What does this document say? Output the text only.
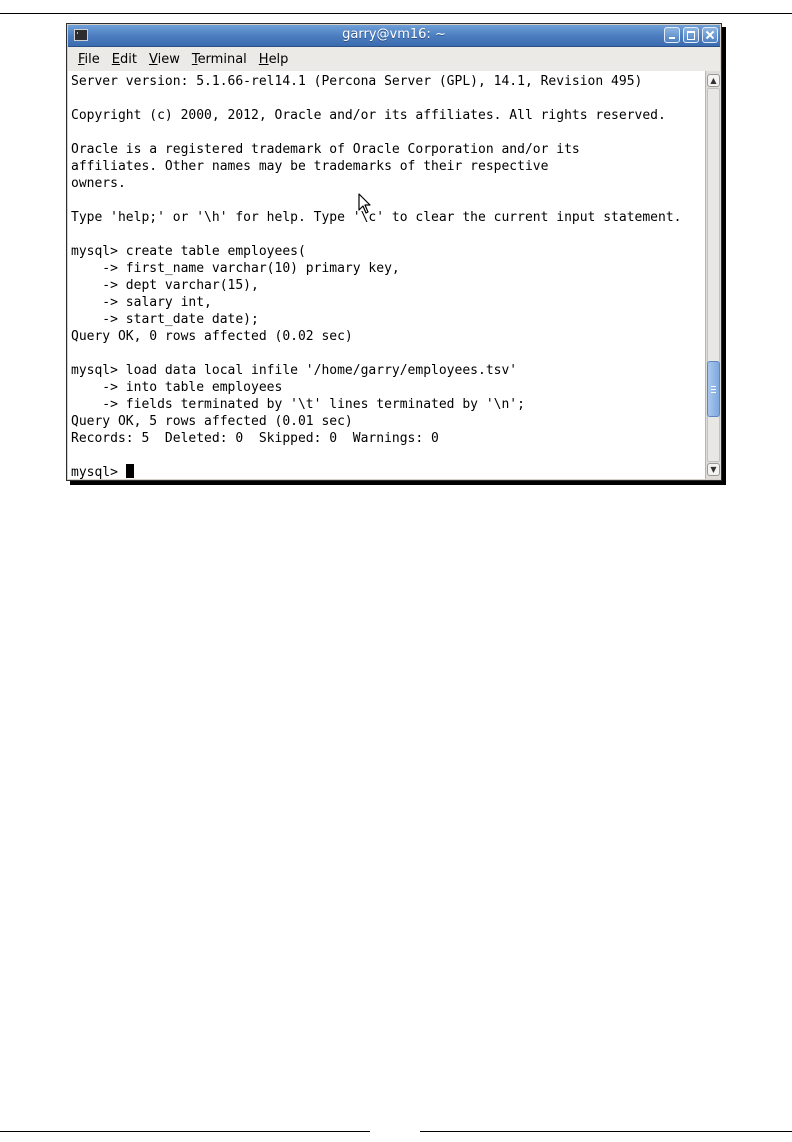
garry@vm16: ~
File Edit View Terminal Help
Server version: 5.1.66-rel14.1 (Percona Server (GPL), 14.1, Revision 495)
Copyright (c) 2000, 2012, Oracle and/or its affiliates. All rights reserved.
Oracle is a registered trademark of Oracle Corporation and/or its
affiliates. Other names may be trademarks of their respective
owners.
Type 'help;' or '\h' for help. Type '\c' to clear the current input statement.
mysql> create table employees(
-> first_name varchar(10) primary key,
-> dept varchar(15),
-> salary int,
-> start_date date);
Query OK, 0 rows affected (0.02 sec)
mysql> load data local infile '/home/garry/employees.tsv'
-> into table employees
-> fields terminated by '\t' lines terminated by '\n';
Query OK, 5 rows affected (0.01 sec)
Records: 5  Deleted: 0  Skipped: 0  Warnings: 0
mysql>
▲
▼
